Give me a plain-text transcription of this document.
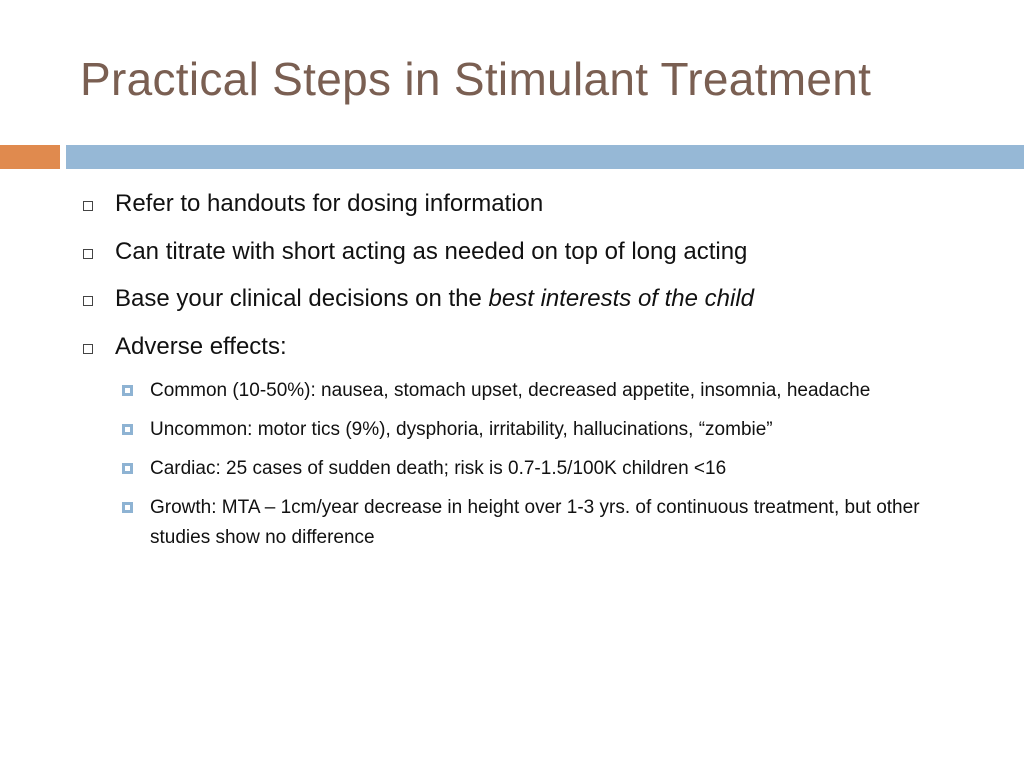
Practical Steps in Stimulant Treatment
Refer to handouts for dosing information
Can titrate with short acting as needed on top of long acting
Base your clinical decisions on the best interests of the child
Adverse effects:
Common (10-50%): nausea, stomach upset, decreased appetite, insomnia, headache
Uncommon: motor tics (9%), dysphoria, irritability, hallucinations, “zombie”
Cardiac: 25 cases of sudden death; risk is 0.7-1.5/100K children <16
Growth: MTA – 1cm/year decrease in height over 1-3 yrs. of continuous treatment, but other studies show no difference
